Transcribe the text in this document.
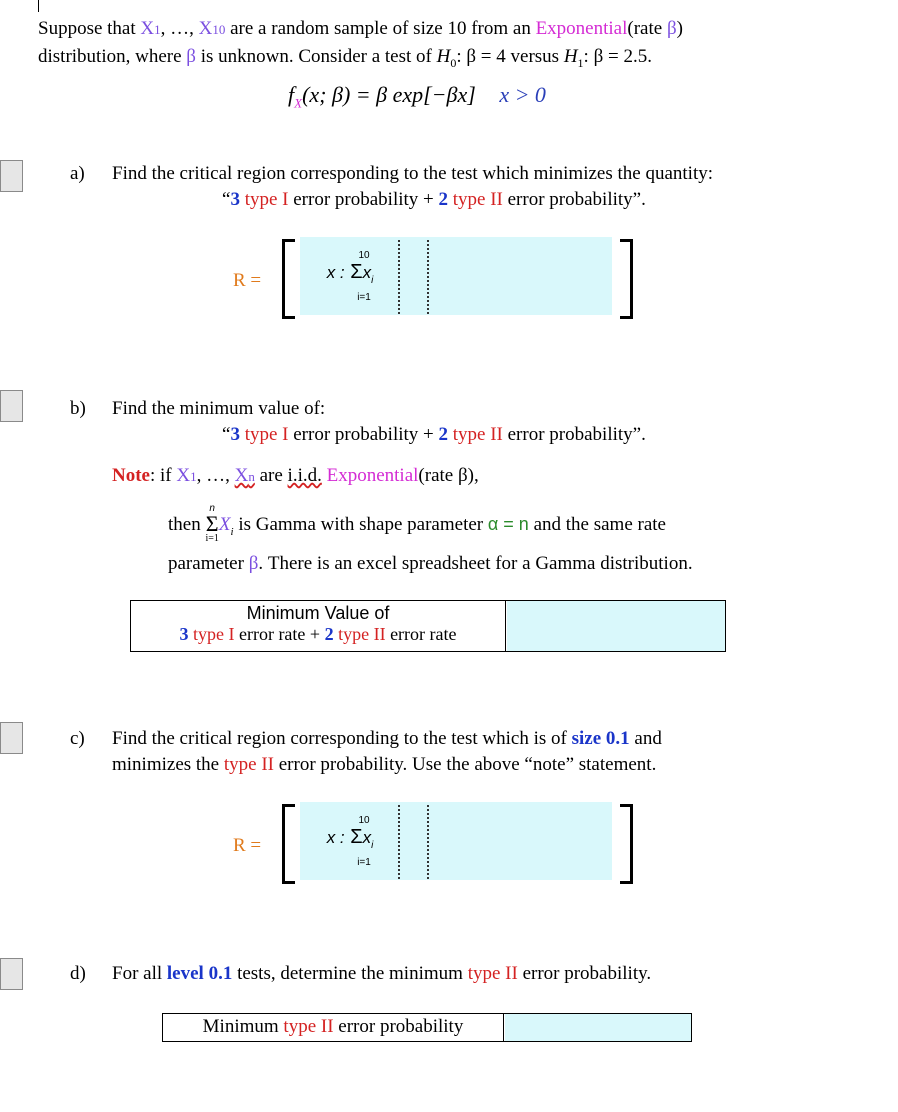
Suppose that X1, …, X10 are a random sample of size 10 from an Exponential(rate β)
distribution, where β is unknown. Consider a test of $H_0$: β = 4 versus $H_1$: β = 2.5.
$f_X(x$; β) = β exp[−βx] x > 0
a) Find the critical region corresponding to the test which minimizes the quantity:
“3 type I error probability + 2 type II error probability”.
R =
10
x : $\Sigma x_i$
i=1
b) Find the minimum value of:
“3 type I error probability + 2 type II error probability”.
Note: if X1, …, Xn are i.i.d. Exponential(rate β),
then
n
Σ
i=1
$X_i$ is Gamma with shape parameter α = n and the same rate
parameter β. There is an excel spreadsheet for a Gamma distribution.
Minimum Value of
3 type I error rate + 2 type II error rate
c) Find the critical region corresponding to the test which is of size 0.1 and
minimizes the type II error probability. Use the above “note” statement.
R =
10
x : $\Sigma x_i$
i=1
d) For all level 0.1 tests, determine the minimum type II error probability.
Minimum type II error probability
